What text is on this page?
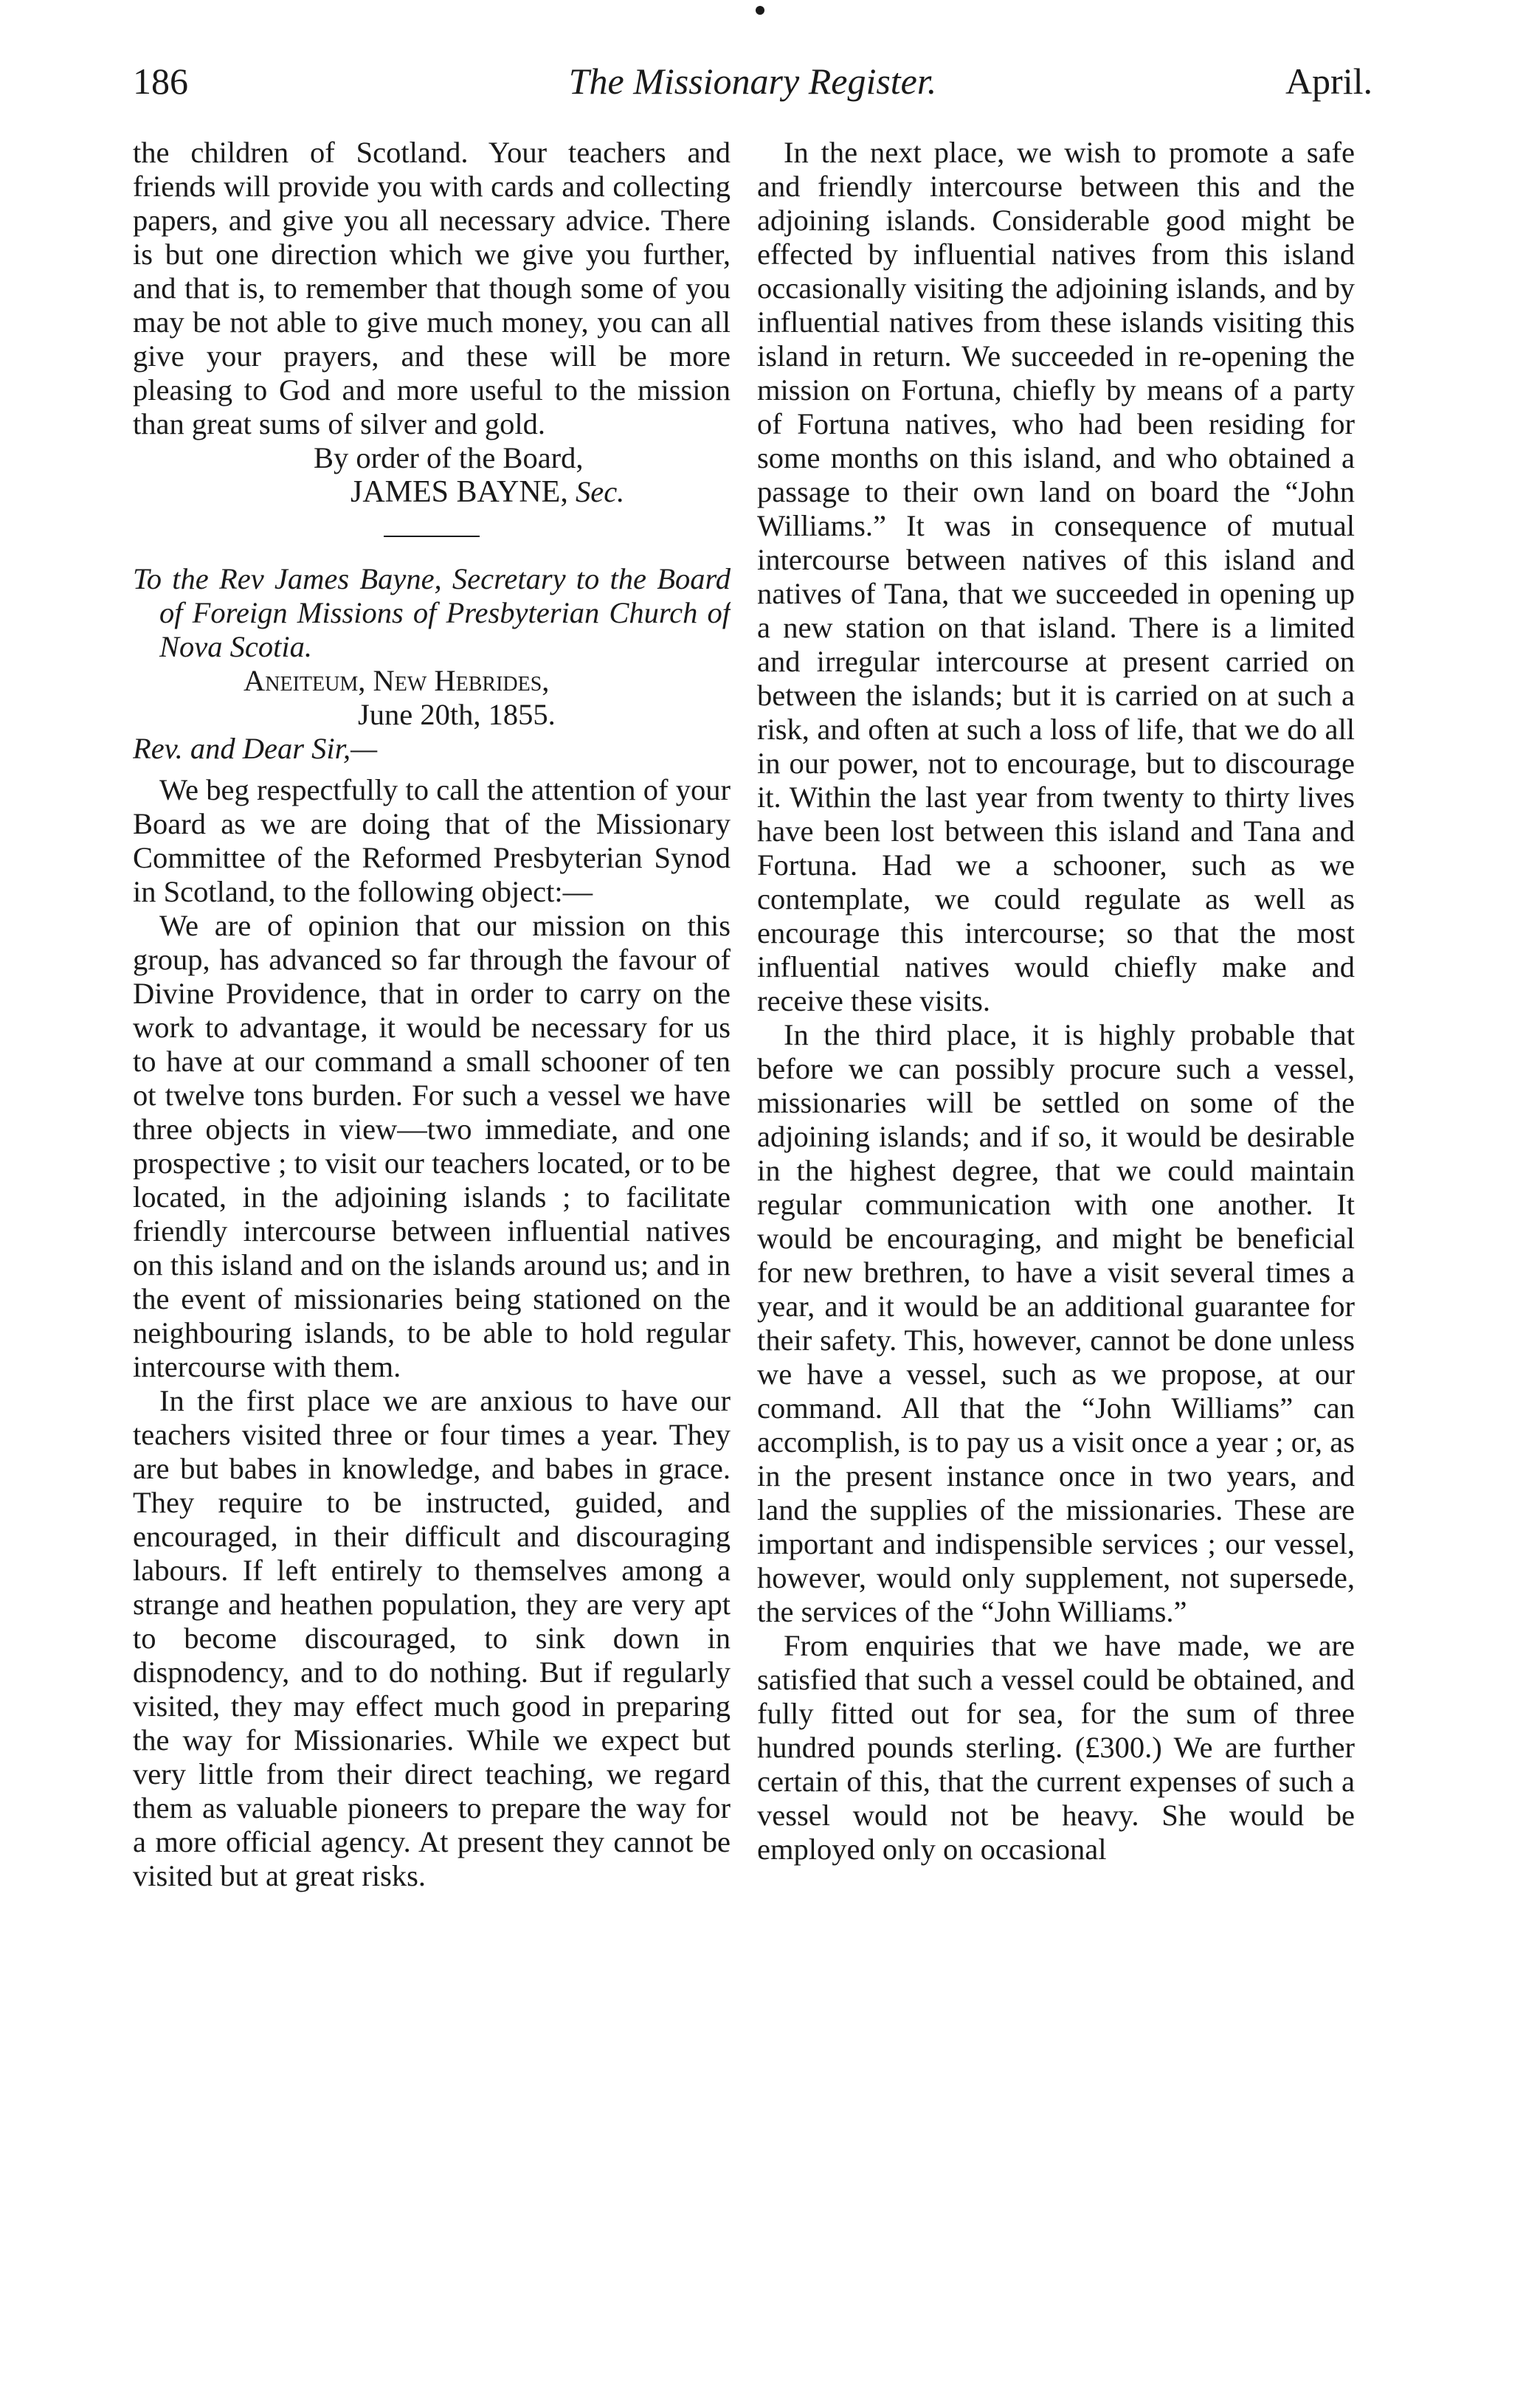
186	The Missionary Register.	April.

the children of Scotland. Your teachers and friends will provide you with cards and collecting papers, and give you all necessary advice. There is but one direction which we give you further, and that is, to remember that though some of you may be not able to give much money, you can all give your prayers, and these will be more pleasing to God and more useful to the mission than great sums of silver and gold.

By order of the Board,

JAMES BAYNE, Sec.

To the Rev James Bayne, Secretary to the Board of Foreign Missions of Presbyterian Church of Nova Scotia.

Aneiteum, New Hebrides,

June 20th, 1855.

Rev. and Dear Sir,—

We beg respectfully to call the attention of your Board as we are doing that of the Missionary Committee of the Reformed Presbyterian Synod in Scotland, to the following object:—

We are of opinion that our mission on this group, has advanced so far through the favour of Divine Providence, that in order to carry on the work to advantage, it would be necessary for us to have at our command a small schooner of ten ot twelve tons burden. For such a vessel we have three objects in view—two immediate, and one prospective ; to visit our teachers located, or to be located, in the adjoining islands ; to facilitate friendly intercourse between influential natives on this island and on the islands around us; and in the event of missionaries being stationed on the neighbouring islands, to be able to hold regular intercourse with them.

In the first place we are anxious to have our teachers visited three or four times a year. They are but babes in knowledge, and babes in grace. They require to be instructed, guided, and encouraged, in their difficult and discouraging labours. If left entirely to themselves among a strange and heathen population, they are very apt to become discouraged, to sink down in dispnodency, and to do nothing. But if regularly visited, they may effect much good in preparing the way for Missionaries. While we expect but very little from their direct teaching, we regard them as valuable pioneers to prepare the way for a more official agency. At present they cannot be visited but at great risks.

In the next place, we wish to promote a safe and friendly intercourse between this and the adjoining islands. Considerable good might be effected by influential natives from this island occasionally visiting the adjoining islands, and by influential natives from these islands visiting this island in return. We succeeded in re-opening the mission on Fortuna, chiefly by means of a party of Fortuna natives, who had been residing for some months on this island, and who obtained a passage to their own land on board the “John Williams.” It was in consequence of mutual intercourse between natives of this island and natives of Tana, that we succeeded in opening up a new station on that island. There is a limited and irregular intercourse at present carried on between the islands; but it is carried on at such a risk, and often at such a loss of life, that we do all in our power, not to encourage, but to discourage it. Within the last year from twenty to thirty lives have been lost between this island and Tana and Fortuna. Had we a schooner, such as we contemplate, we could regulate as well as encourage this intercourse; so that the most influential natives would chiefly make and receive these visits.

In the third place, it is highly probable that before we can possibly procure such a vessel, missionaries will be settled on some of the adjoining islands; and if so, it would be desirable in the highest degree, that we could maintain regular communication with one another. It would be encouraging, and might be beneficial for new brethren, to have a visit several times a year, and it would be an additional guarantee for their safety. This, however, cannot be done unless we have a vessel, such as we propose, at our command. All that the “John Williams” can accomplish, is to pay us a visit once a year ; or, as in the present instance once in two years, and land the supplies of the missionaries. These are important and indispensible services ; our vessel, however, would only supplement, not supersede, the services of the “John Williams.”

From enquiries that we have made, we are satisfied that such a vessel could be obtained, and fully fitted out for sea, for the sum of three hundred pounds sterling. (£300.) We are further certain of this, that the current expenses of such a vessel would not be heavy. She would be employed only on occasional
